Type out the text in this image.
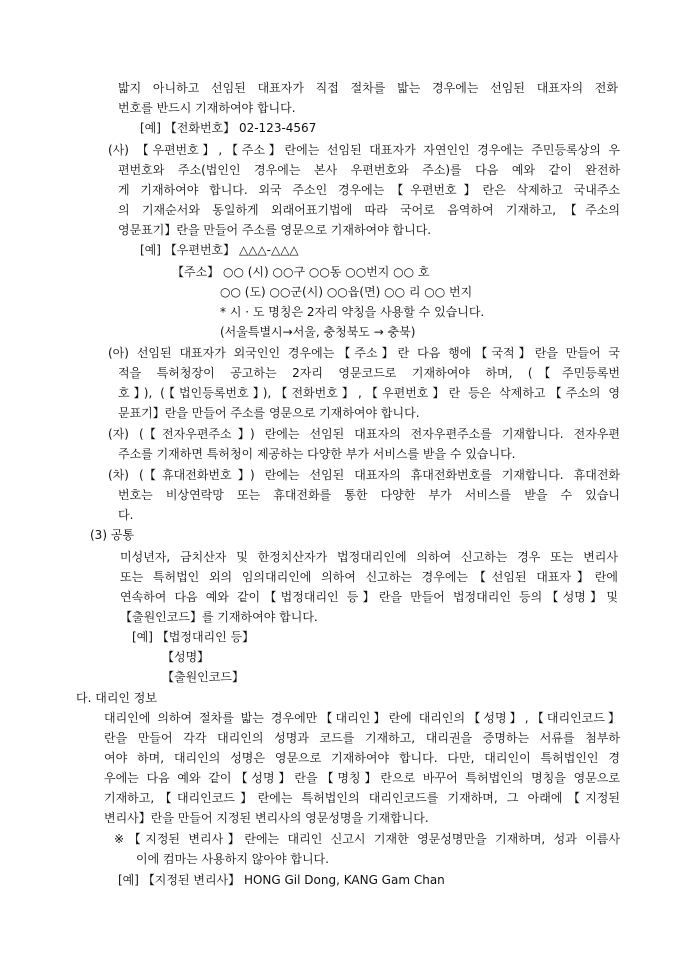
밟지 아니하고 선임된 대표자가 직접 절차를 밟는 경우에는 선임된 대표자의 전화
번호를 반드시 기재하여야 합니다.
[예] 【전화번호】 02-123-4567
(사) 【우편번호】,【주소】란에는 선임된 대표자가 자연인인 경우에는 주민등록상의 우
편번호와 주소(법인인 경우에는 본사 우편번호와 주소)를 다음 예와 같이 완전하
게 기재하여야 합니다. 외국 주소인 경우에는【우편번호】란은 삭제하고 국내주소
의 기재순서와 동일하게 외래어표기법에 따라 국어로 음역하여 기재하고,【주소의
영문표기】란을 만들어 주소를 영문으로 기재하여야 합니다.
[예] 【우편번호】 △△△-△△△
【주소】 ○○ (시) ○○구 ○○동 ○○번지 ○○ 호
○○ (도) ○○군(시) ○○읍(면) ○○ 리 ○○ 번지
* 시 · 도 명칭은 2자리 약칭을 사용할 수 있습니다.
(서울특별시→서울, 충청북도 → 충북)
(아) 선임된 대표자가 외국인인 경우에는【주소】란 다음 행에【국적】란을 만들어 국
적을 특허청장이 공고하는 2자리 영문코드로 기재하여야 하며, (【주민등록번
호】), (【법인등록번호】),【전화번호】,【우편번호】란 등은 삭제하고【주소의 영
문표기】란을 만들어 주소를 영문으로 기재하여야 합니다.
(자) (【전자우편주소】) 란에는 선임된 대표자의 전자우편주소를 기재합니다. 전자우편
주소를 기재하면 특허청이 제공하는 다양한 부가 서비스를 받을 수 있습니다.
(차) (【휴대전화번호】) 란에는 선임된 대표자의 휴대전화번호를 기재합니다. 휴대전화
번호는 비상연락망 또는 휴대전화를 통한 다양한 부가 서비스를 받을 수 있습니
다.
(3) 공통
미성년자, 금치산자 및 한정치산자가 법정대리인에 의하여 신고하는 경우 또는 변리사
또는 특허법인 외의 임의대리인에 의하여 신고하는 경우에는【선임된 대표자】란에
연속하여 다음 예와 같이【법정대리인 등】란을 만들어 법정대리인 등의【성명】및
【출원인코드】를 기재하여야 합니다.
[예] 【법정대리인 등】
【성명】
【출원인코드】
다. 대리인 정보
대리인에 의하여 절차를 밟는 경우에만【대리인】란에 대리인의【성명】,【대리인코드】
란을 만들어 각각 대리인의 성명과 코드를 기재하고, 대리권을 증명하는 서류를 첨부하
여야 하며, 대리인의 성명은 영문으로 기재하여야 합니다. 다만, 대리인이 특허법인인 경
우에는 다음 예와 같이【성명】란을【명칭】란으로 바꾸어 특허법인의 명칭을 영문으로
기재하고,【대리인코드】란에는 특허법인의 대리인코드를 기재하며, 그 아래에【지정된
변리사】란을 만들어 지정된 변리사의 영문성명을 기재합니다.
※【지정된 변리사】란에는 대리인 신고시 기재한 영문성명만을 기재하며, 성과 이름사
이에 컴마는 사용하지 않아야 합니다.
[예] 【지정된 변리사】 HONG Gil Dong, KANG Gam Chan
